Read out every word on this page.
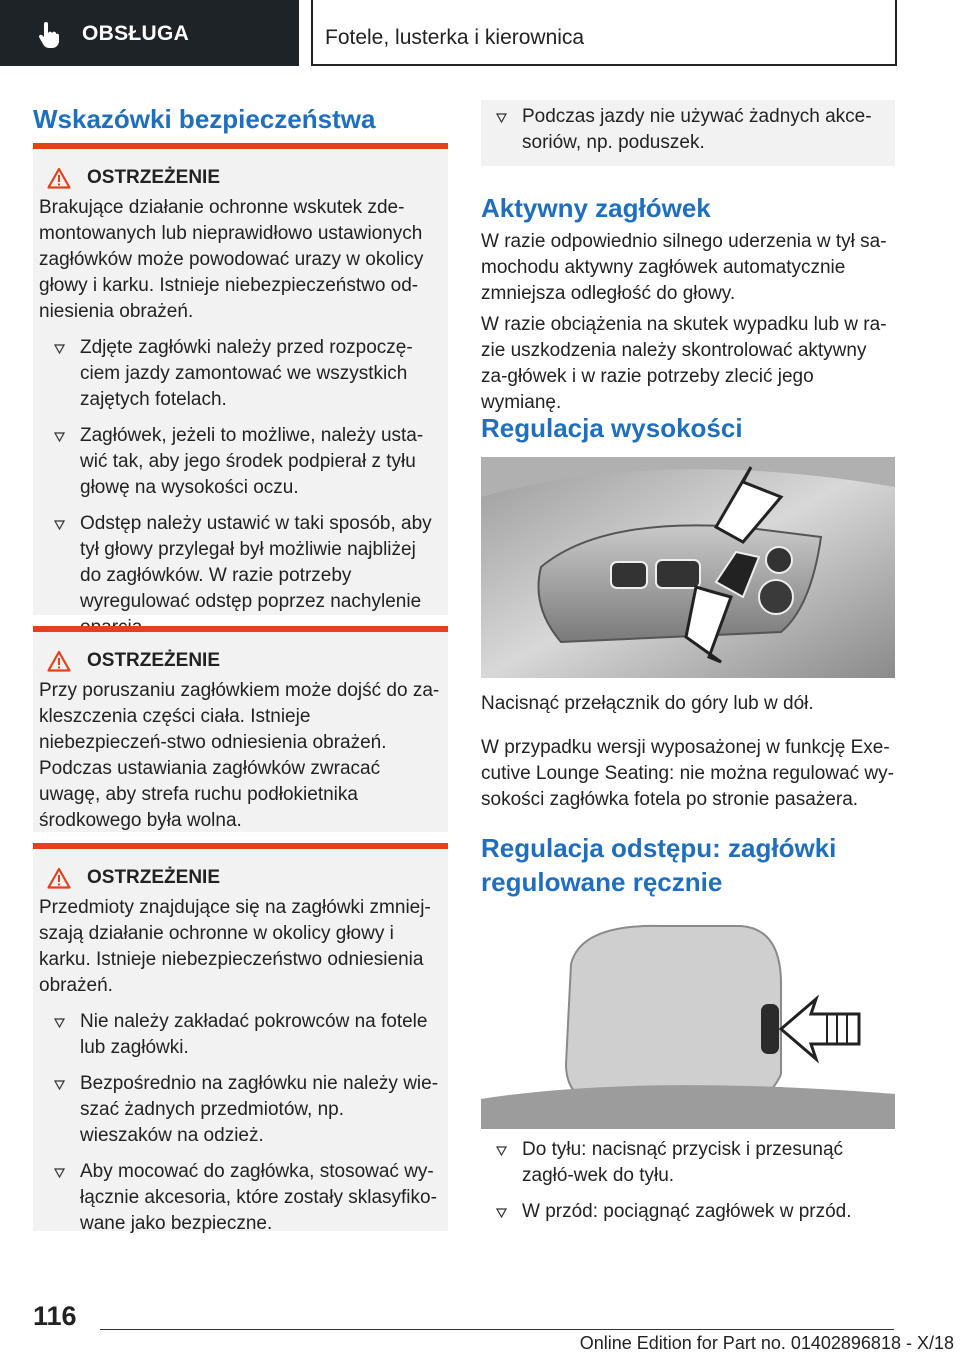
OBSŁUGA	Fotele, lusterka i kierownica
Wskazówki bezpieczeństwa
OSTRZEŻENIE

Brakujące działanie ochronne wskutek zde-montowanych lub nieprawidłowo ustawionych zagłówków może powodować urazy w okolicy głowy i karku. Istnieje niebezpieczeństwo od-niesienia obrażeń.

Zdjęte zagłówki należy przed rozpoczę-ciem jazdy zamontować we wszystkich zajętych fotelach.
Zagłówek, jeżeli to możliwe, należy usta-wić tak, aby jego środek podpierał z tyłu głowę na wysokości oczu.
Odstęp należy ustawić w taki sposób, aby tył głowy przylegał był możliwie najbliżej do zagłówków. W razie potrzeby wyregulować odstęp poprzez nachylenie
OSTRZEŻENIE

Przy poruszaniu zagłówkiem może dojść do za-kleszczenia części ciała. Istnieje niebezpieczeń-stwo odniesienia obrażeń. Podczas ustawiania zagłówków zwracać uwagę, aby strefa ruchu podłokietnika środkowego była wolna.

OSTRZEŻENIE

Przedmioty znajdujące się na zagłówki zmniej-szają działanie ochronne w okolicy głowy i karku. Istnieje niebezpieczeństwo odniesienia obrażeń.

Nie należy zakładać pokrowców na fotele lub zagłówki.
Bezpośrednio na zagłówku nie należy wie-szać żadnych przedmiotów, np. wieszaków na odzież.
Aby mocować do zagłówka, stosować wy-łącznie akcesoria, które zostały sklasyfiko-wane jako bezpieczne.
Podczas jazdy nie używać żadnych akce-soriów, np. poduszek.
Aktywny zagłówek

W razie odpowiednio silnego uderzenia w tył sa-mochodu aktywny zagłówek automatycznie zmniejsza odległość do głowy.

W razie obciążenia na skutek wypadku lub w ra-zie uszkodzenia należy skontrolować aktywny za-główek i w razie potrzeby zlecić jego wymianę.

Regulacja wysokości

Nacisnąć przełącznik do góry lub w dół.

W przypadku wersji wyposażonej w funkcję Exe-cutive Lounge Seating: nie można regulować wy-sokości zagłówka fotela po stronie pasażera.

Regulacja odstępu: zagłówki regulowane ręcznie
Do tyłu: nacisnąć przycisk i przesunąć zagłó-wek do tyłu.
W przód: pociągnąć zagłówek w przód.
116
Online Edition for Part no. 01402896818 - X/18
